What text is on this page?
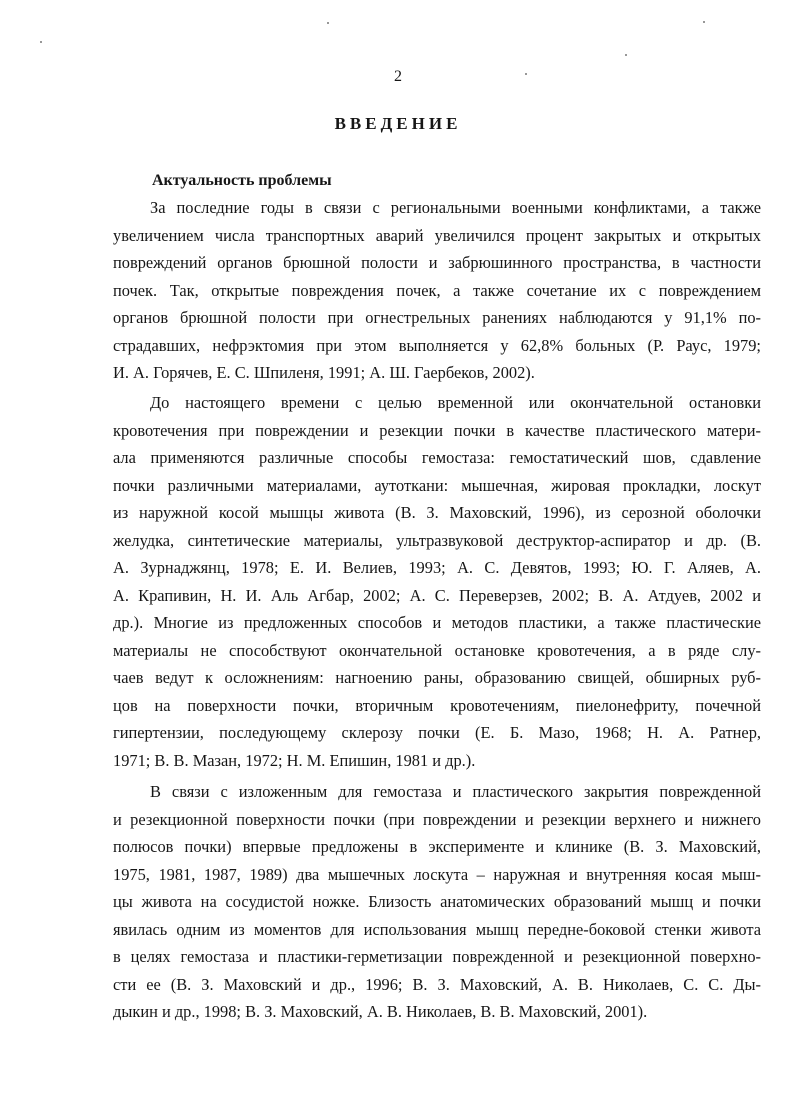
2
ВВЕДЕНИЕ
Актуальность проблемы
За последние годы в связи с региональными военными конфликтами, а также
увеличением числа транспортных аварий увеличился процент закрытых и открытых
повреждений органов брюшной полости и забрюшинного пространства, в частности
почек. Так, открытые повреждения почек, а также сочетание их с повреждением
органов брюшной полости при огнестрельных ранениях наблюдаются у 91,1% по-
страдавших, нефрэктомия при этом выполняется у 62,8% больных (Р. Раус, 1979;
И. А. Горячев, Е. С. Шпиленя, 1991; А. Ш. Гаербеков, 2002).
До настоящего времени с целью временной или окончательной остановки
кровотечения при повреждении и резекции почки в качестве пластического матери-
ала применяются различные способы гемостаза: гемостатический шов, сдавление
почки различными материалами, аутоткани: мышечная, жировая прокладки, лоскут
из наружной косой мышцы живота (В. З. Маховский, 1996), из серозной оболочки
желудка, синтетические материалы, ультразвуковой деструктор-аспиратор и др. (В.
А. Зурнаджянц, 1978; Е. И. Велиев, 1993; А. С. Девятов, 1993; Ю. Г. Аляев, А.
А. Крапивин, Н. И. Аль Агбар, 2002; А. С. Переверзев, 2002; В. А. Атдуев, 2002 и
др.). Многие из предложенных способов и методов пластики, а также пластические
материалы не способствуют окончательной остановке кровотечения, а в ряде слу-
чаев ведут к осложнениям: нагноению раны, образованию свищей, обширных руб-
цов на поверхности почки, вторичным кровотечениям, пиелонефриту, почечной
гипертензии, последующему склерозу почки (Е. Б. Мазо, 1968; Н. А. Ратнер,
1971; В. В. Мазан, 1972; Н. М. Епишин, 1981 и др.).
В связи с изложенным для гемостаза и пластического закрытия поврежденной
и резекционной поверхности почки (при повреждении и резекции верхнего и нижнего
полюсов почки) впервые предложены в эксперименте и клинике (В. З. Маховский,
1975, 1981, 1987, 1989) два мышечных лоскута – наружная и внутренняя косая мыш-
цы живота на сосудистой ножке. Близость анатомических образований мышц и почки
явилась одним из моментов для использования мышц передне-боковой стенки живота
в целях гемостаза и пластики-герметизации поврежденной и резекционной поверхно-
сти ее (В. З. Маховский и др., 1996; В. З. Маховский, А. В. Николаев, С. С. Ды-
дыкин и др., 1998; В. З. Маховский, А. В. Николаев, В. В. Маховский, 2001).
